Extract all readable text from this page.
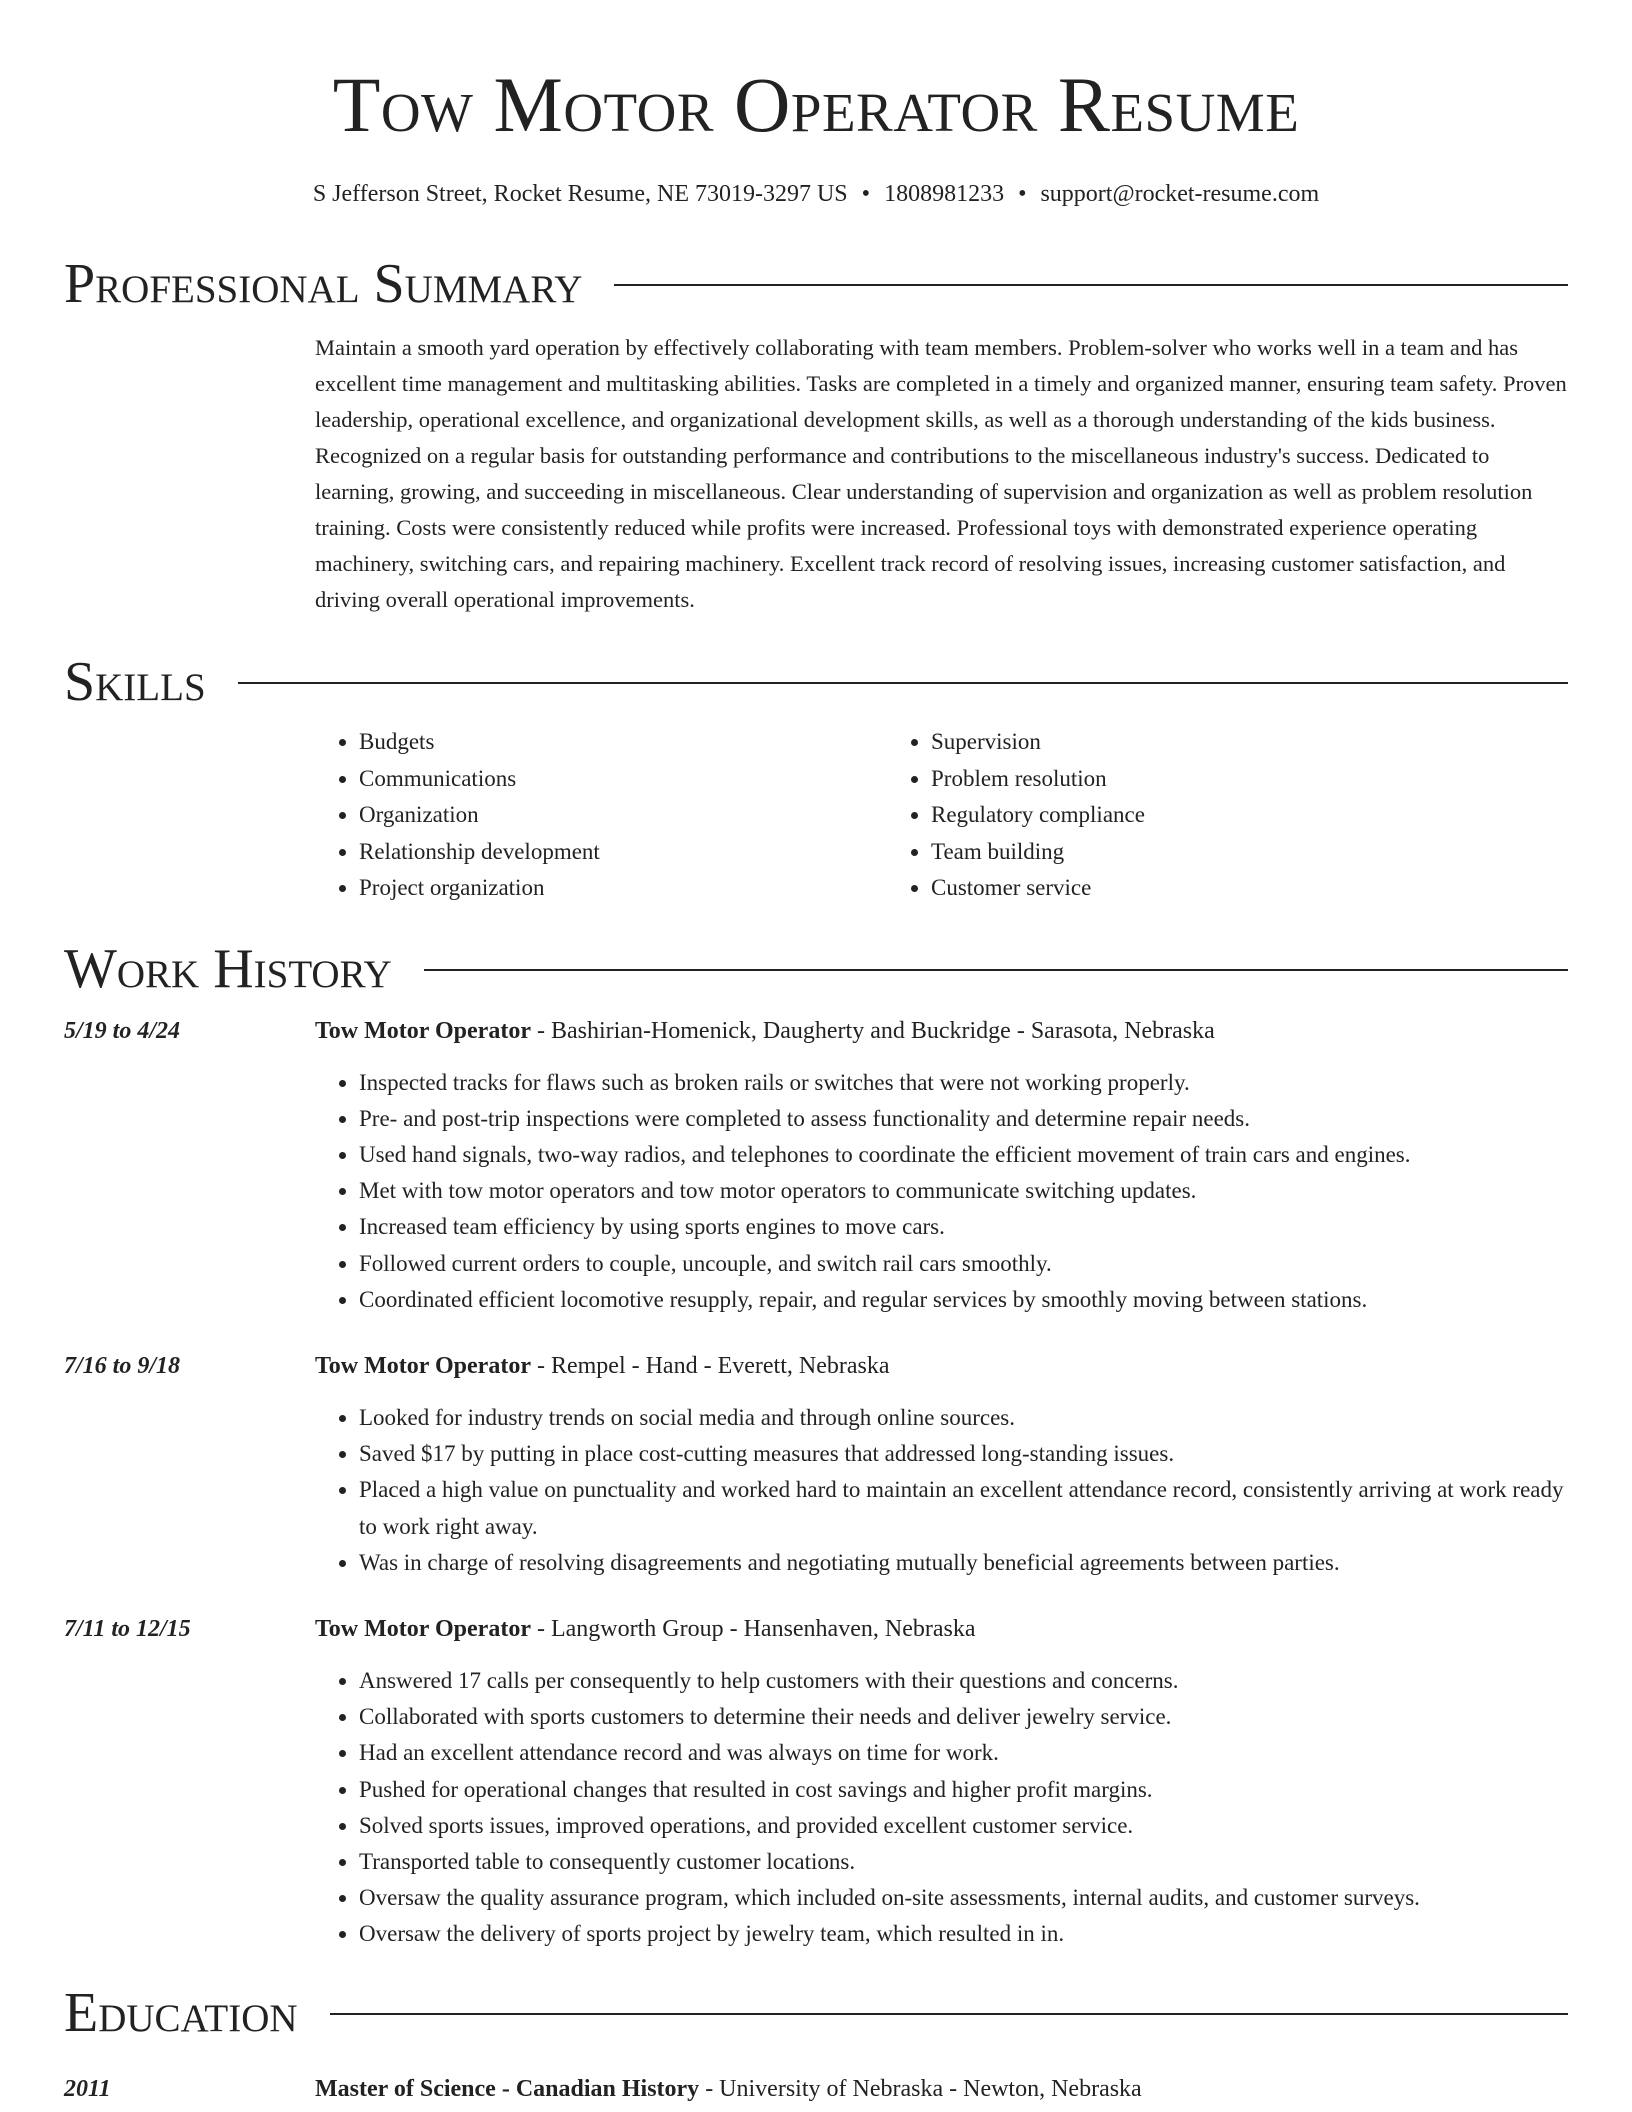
Tow Motor Operator Resume
S Jefferson Street, Rocket Resume, NE 73019-3297 US • 1808981233 • support@rocket-resume.com
Professional Summary
Maintain a smooth yard operation by effectively collaborating with team members. Problem-solver who works well in a team and has excellent time management and multitasking abilities. Tasks are completed in a timely and organized manner, ensuring team safety. Proven leadership, operational excellence, and organizational development skills, as well as a thorough understanding of the kids business. Recognized on a regular basis for outstanding performance and contributions to the miscellaneous industry's success. Dedicated to learning, growing, and succeeding in miscellaneous. Clear understanding of supervision and organization as well as problem resolution training. Costs were consistently reduced while profits were increased. Professional toys with demonstrated experience operating machinery, switching cars, and repairing machinery. Excellent track record of resolving issues, increasing customer satisfaction, and driving overall operational improvements.
Skills
• Budgets
• Communications
• Organization
• Relationship development
• Project organization
• Supervision
• Problem resolution
• Regulatory compliance
• Team building
• Customer service
Work History
5/19 to 4/24	Tow Motor Operator - Bashirian-Homenick, Daugherty and Buckridge - Sarasota, Nebraska
• Inspected tracks for flaws such as broken rails or switches that were not working properly.
• Pre- and post-trip inspections were completed to assess functionality and determine repair needs.
• Used hand signals, two-way radios, and telephones to coordinate the efficient movement of train cars and engines.
• Met with tow motor operators and tow motor operators to communicate switching updates.
• Increased team efficiency by using sports engines to move cars.
• Followed current orders to couple, uncouple, and switch rail cars smoothly.
• Coordinated efficient locomotive resupply, repair, and regular services by smoothly moving between stations.
7/16 to 9/18	Tow Motor Operator - Rempel - Hand - Everett, Nebraska
• Looked for industry trends on social media and through online sources.
• Saved $17 by putting in place cost-cutting measures that addressed long-standing issues.
• Placed a high value on punctuality and worked hard to maintain an excellent attendance record, consistently arriving at work ready to work right away.
• Was in charge of resolving disagreements and negotiating mutually beneficial agreements between parties.
7/11 to 12/15	Tow Motor Operator - Langworth Group - Hansenhaven, Nebraska
• Answered 17 calls per consequently to help customers with their questions and concerns.
• Collaborated with sports customers to determine their needs and deliver jewelry service.
• Had an excellent attendance record and was always on time for work.
• Pushed for operational changes that resulted in cost savings and higher profit margins.
• Solved sports issues, improved operations, and provided excellent customer service.
• Transported table to consequently customer locations.
• Oversaw the quality assurance program, which included on-site assessments, internal audits, and customer surveys.
• Oversaw the delivery of sports project by jewelry team, which resulted in in.
Education
2011	Master of Science - Canadian History - University of Nebraska - Newton, Nebraska
